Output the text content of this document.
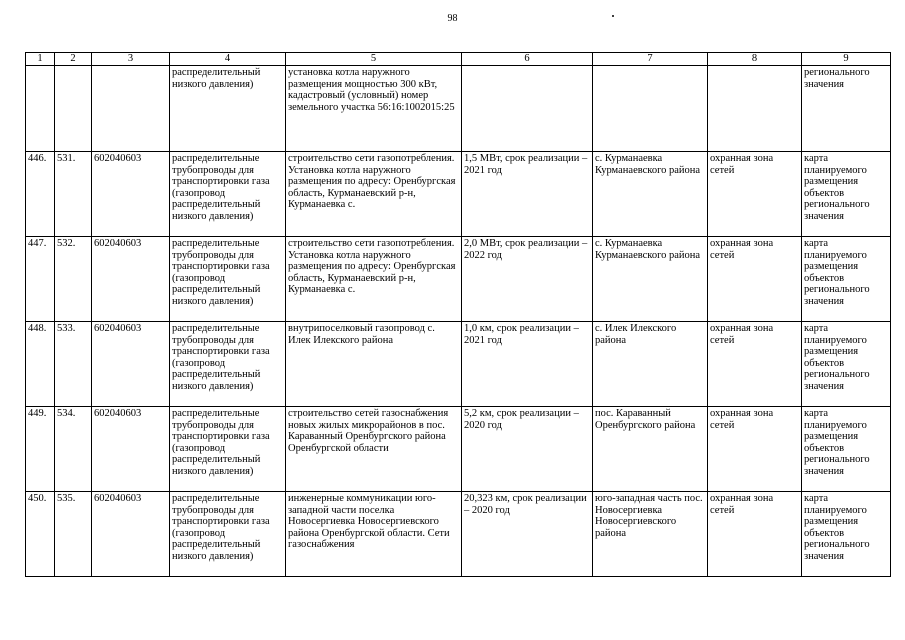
98
1	2	3	4	5	6	7	8	9
			распределительный низкого давления)	установка котла наружного размещения мощностью 300 кВт, кадастровый (условный) номер земельного участка 56:16:1002015:25				регионального значения
446.	531.	602040603	распределительные трубопроводы для транспортировки газа (газопровод распределительный низкого давления)	строительство сети газопотребления. Установка котла наружного размещения по адресу: Оренбургская область, Курманаевский р-н, Курманаевка с.	1,5 МВт, срок реализации – 2021 год	с. Курманаевка Курманаевского района	охранная зона сетей	карта планируемого размещения объектов регионального значения
447.	532.	602040603	распределительные трубопроводы для транспортировки газа (газопровод распределительный низкого давления)	строительство сети газопотребления. Установка котла наружного размещения по адресу: Оренбургская область, Курманаевский р-н, Курманаевка с.	2,0 МВт, срок реализации – 2022 год	с. Курманаевка Курманаевского района	охранная зона сетей	карта планируемого размещения объектов регионального значения
448.	533.	602040603	распределительные трубопроводы для транспортировки газа (газопровод распределительный низкого давления)	внутрипоселковый газопровод с. Илек Илекского района	1,0 км, срок реализации – 2021 год	с. Илек Илекского района	охранная зона сетей	карта планируемого размещения объектов регионального значения
449.	534.	602040603	распределительные трубопроводы для транспортировки газа (газопровод распределительный низкого давления)	строительство сетей газоснабжения новых жилых микрорайонов в пос. Караванный Оренбургского района Оренбургской области	5,2 км, срок реализации – 2020 год	пос. Караванный Оренбургского района	охранная зона сетей	карта планируемого размещения объектов регионального значения
450.	535.	602040603	распределительные трубопроводы для транспортировки газа (газопровод распределительный низкого давления)	инженерные коммуникации юго-западной части поселка Новосергиевка Новосергиевского района Оренбургской области. Сети газоснабжения	20,323 км, срок реализации – 2020 год	юго-западная часть пос. Новосергиевка Новосергиевского района	охранная зона сетей	карта планируемого размещения объектов регионального значения
